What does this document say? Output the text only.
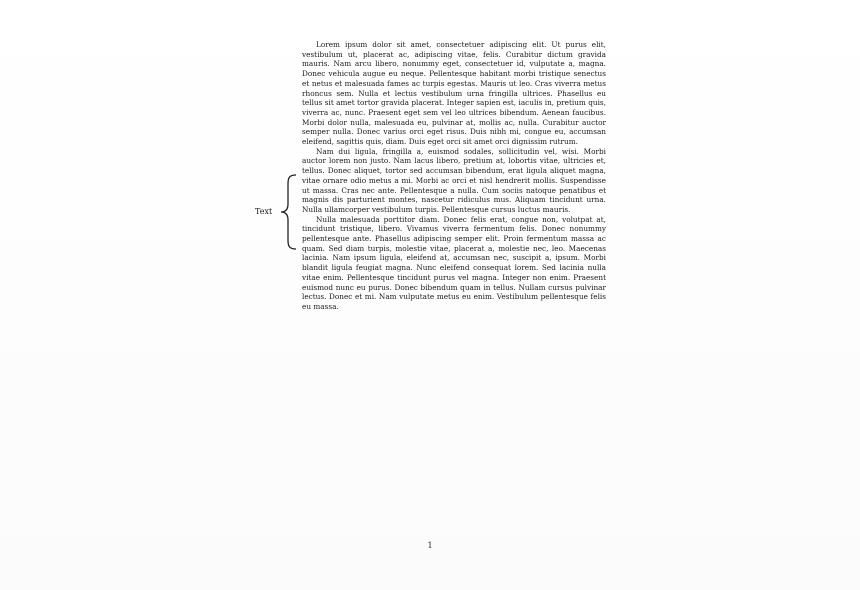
Lorem ipsum dolor sit amet, consectetuer adipiscing elit. Ut purus elit, vestibulum ut, placerat ac, adipiscing vitae, felis. Curabitur dictum gravida mauris. Nam arcu libero, nonummy eget, consectetuer id, vulputate a, magna. Donec vehicula augue eu neque. Pellentesque habitant morbi tristique senectus et netus et malesuada fames ac turpis egestas. Mauris ut leo. Cras viverra metus rhoncus sem. Nulla et lectus vestibulum urna fringilla ultrices. Phasellus eu tellus sit amet tortor gravida placerat. Integer sapien est, iaculis in, pretium quis, viverra ac, nunc. Praesent eget sem vel leo ultrices bibendum. Aenean faucibus. Morbi dolor nulla, malesuada eu, pulvinar at, mollis ac, nulla. Curabitur auctor semper nulla. Donec varius orci eget risus. Duis nibh mi, congue eu, accumsan eleifend, sagittis quis, diam. Duis eget orci sit amet orci dignissim rutrum.

Nam dui ligula, fringilla a, euismod sodales, sollicitudin vel, wisi. Morbi auctor lorem non justo. Nam lacus libero, pretium at, lobortis vitae, ultricies et, tellus. Donec aliquet, tortor sed accumsan bibendum, erat ligula aliquet magna, vitae ornare odio metus a mi. Morbi ac orci et nisl hendrerit mollis. Suspendisse ut massa. Cras nec ante. Pellentesque a nulla. Cum sociis natoque penatibus et magnis dis parturient montes, nascetur ridiculus mus. Aliquam tincidunt urna. Nulla ullamcorper vestibulum turpis. Pellentesque cursus luctus mauris.

Nulla malesuada porttitor diam. Donec felis erat, congue non, volutpat at, tincidunt tristique, libero. Vivamus viverra fermentum felis. Donec nonummy pellentesque ante. Phasellus adipiscing semper elit. Proin fermentum massa ac quam. Sed diam turpis, molestie vitae, placerat a, molestie nec, leo. Maecenas lacinia. Nam ipsum ligula, eleifend at, accumsan nec, suscipit a, ipsum. Morbi blandit ligula feugiat magna. Nunc eleifend consequat lorem. Sed lacinia nulla vitae enim. Pellentesque tincidunt purus vel magna. Integer non enim. Praesent euismod nunc eu purus. Donec bibendum quam in tellus. Nullam cursus pulvinar lectus. Donec et mi. Nam vulputate metus eu enim. Vestibulum pellentesque felis eu massa.

Text
1
